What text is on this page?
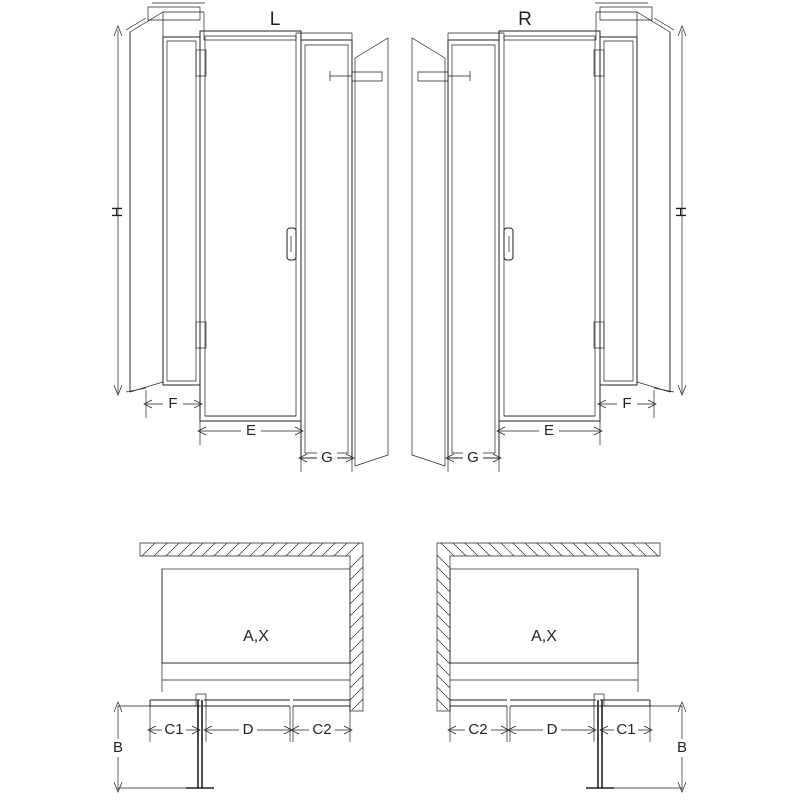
H
F
E
G
L
H
G
E
F
R
A,X
B
C1	D	C2
A,X
B
C2	D	C1
